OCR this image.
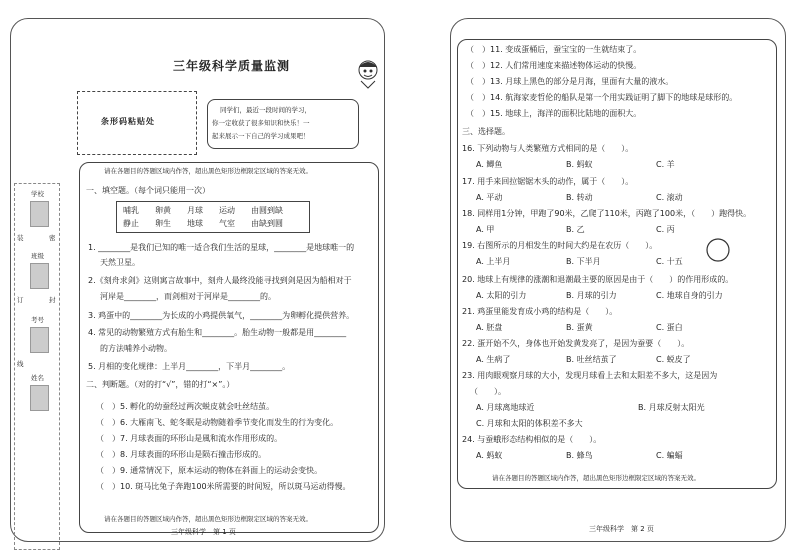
三年级科学质量监测
条形码粘贴处
同学们，最近一段时间的学习，
你一定收获了很多知识和快乐！一
起来展示一下自己的学习成果吧！
学校
班级
考号
姓名
装
订
线
密
封
请在各题目的答题区域内作答，超出黑色矩形边框限定区域的答案无效。
一、填空题。（每个词只能用一次）
哺乳　　卵黄　　月球　　运动　　由圆到缺
静止　　卵生　　地球　　气室　　由缺到圆
1. ________是我们已知的唯一适合我们生活的星球，________是地球唯一的
天然卫星。
2.《刻舟求剑》这则寓言故事中，刻舟人最终没能寻找到剑是因为船相对于
河岸是________，而剑相对于河岸是________的。
3. 鸡蛋中的________为长成的小鸡提供氧气，________为卵孵化提供营养。
4. 常见的动物繁殖方式有胎生和________。胎生动物一般都是用________
的方法哺养小动物。
5. 月相的变化规律：上半月________，下半月________。
二、判断题。（对的打“√”，错的打“×”。）
（　）5. 孵化的幼蚕经过两次蜕皮就会吐丝结茧。
（　）6. 大雁南飞、蛇冬眠是动物随着季节变化而发生的行为变化。
（　）7. 月球表面的环形山是風和流水作用形成的。
（　）8. 月球表面的环形山是陨石撞击形成的。
（　）9. 通常情况下，原本运动的物体在斜面上的运动会变快。
（　）10. 斑马比兔子奔跑100米所需要的时间短，所以斑马运动得慢。
请在各题目的答题区域内作答，超出黑色矩形边框限定区域的答案无效。
三年级科学　第 1 页
（　）11. 变成蛋桶后，蚕宝宝的一生就结束了。
（　）12. 人们常用速度来描述物体运动的快慢。
（　）13. 月球上黑色的部分是月海，里面有大量的液水。
（　）14. 航海家麦哲伦的船队是第一个用实践证明了脚下的地球是球形的。
（　）15. 地球上，海洋的面积比陆地的面积大。
三、选择题。
16. 下列动物与人类繁殖方式相同的是（　　）。
A. 鲫鱼	B. 蚂蚁	C. 羊
17. 用手来回拉锯锯木头的动作，属于（　　）。
A. 平动	B. 转动	C. 滚动
18. 同样用1分钟，甲跑了90米，乙爬了110米，丙跑了100米，（　　）跑得快。
A. 甲	B. 乙	C. 丙
19. 右图所示的月相发生的时间大约是在农历（　　）。
A. 上半月	B. 下半月	C. 十五
20. 地球上有规律的涨潮和退潮最主要的原因是由于（　　）的作用形成的。
A. 太阳的引力	B. 月球的引力	C. 地球自身的引力
21. 鸡蛋里能发育成小鸡的结构是（　　）。
A. 胚盘	B. 蛋黄	C. 蛋白
22. 蛋开始不久，身体也开始发黄发亮了，是因为蚕要（　　）。
A. 生病了	B. 吐丝结茧了	C. 蜕皮了
23. 用肉眼观察月球的大小，发现月球看上去和太阳差不多大，这是因为
（　　）。
A. 月球离地球近	B. 月球反射太阳光
C. 月球和太阳的体积差不多大
24. 与蚕蛾形态结构相似的是（　　）。
A. 蚂蚁	B. 蜂鸟	C. 蝙蝠
请在各题目的答题区域内作答，超出黑色矩形边框限定区域的答案无效。
三年级科学　第 2 页
